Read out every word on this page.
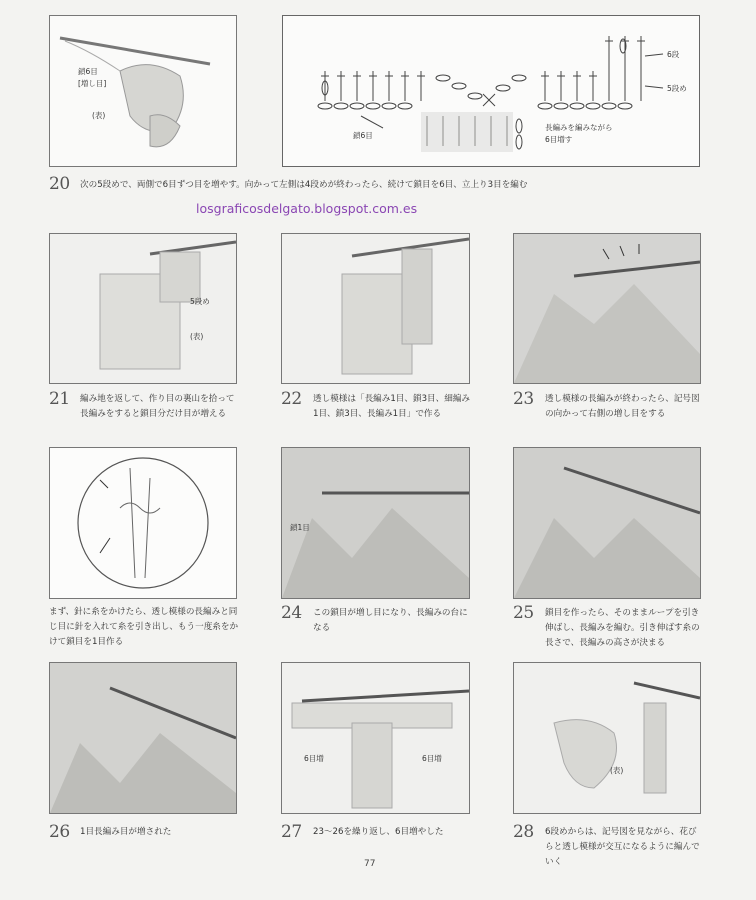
鎖6目
[増し目]
(表)
6段
5段め
鎖6目
長編みを編みながら
6目増す
20 次の5段めで、両側で6目ずつ目を増やす。向かって左側は4段めが終わったら、続けて鎖目を6目、立上り3目を編む
losgraficosdelgato.blogspot.com.es
5段め
(表)
21 編み地を返して、作り目の裏山を拾って長編みをすると鎖目分だけ目が増える
22 透し模様は「長編み1目、鎖3目、細編み1目、鎖3目、長編み1目」で作る
23 透し模様の長編みが終わったら、記号図の向かって右側の増し目をする
鎖1目
まず、針に糸をかけたら、透し模様の長編みと同じ目に針を入れて糸を引き出し、もう一度糸をかけて鎖目を1目作る
24 この鎖目が増し目になり、長編みの台になる
25 鎖目を作ったら、そのままループを引き伸ばし、長編みを編む。引き伸ばす糸の長さで、長編みの高さが決まる
6目増	6目増
(表)
26 1目長編み目が増された	27 23～26を繰り返し、6目増やした	28 6段めからは、記号図を見ながら、花びらと透し模様が交互になるように編んでいく
77
